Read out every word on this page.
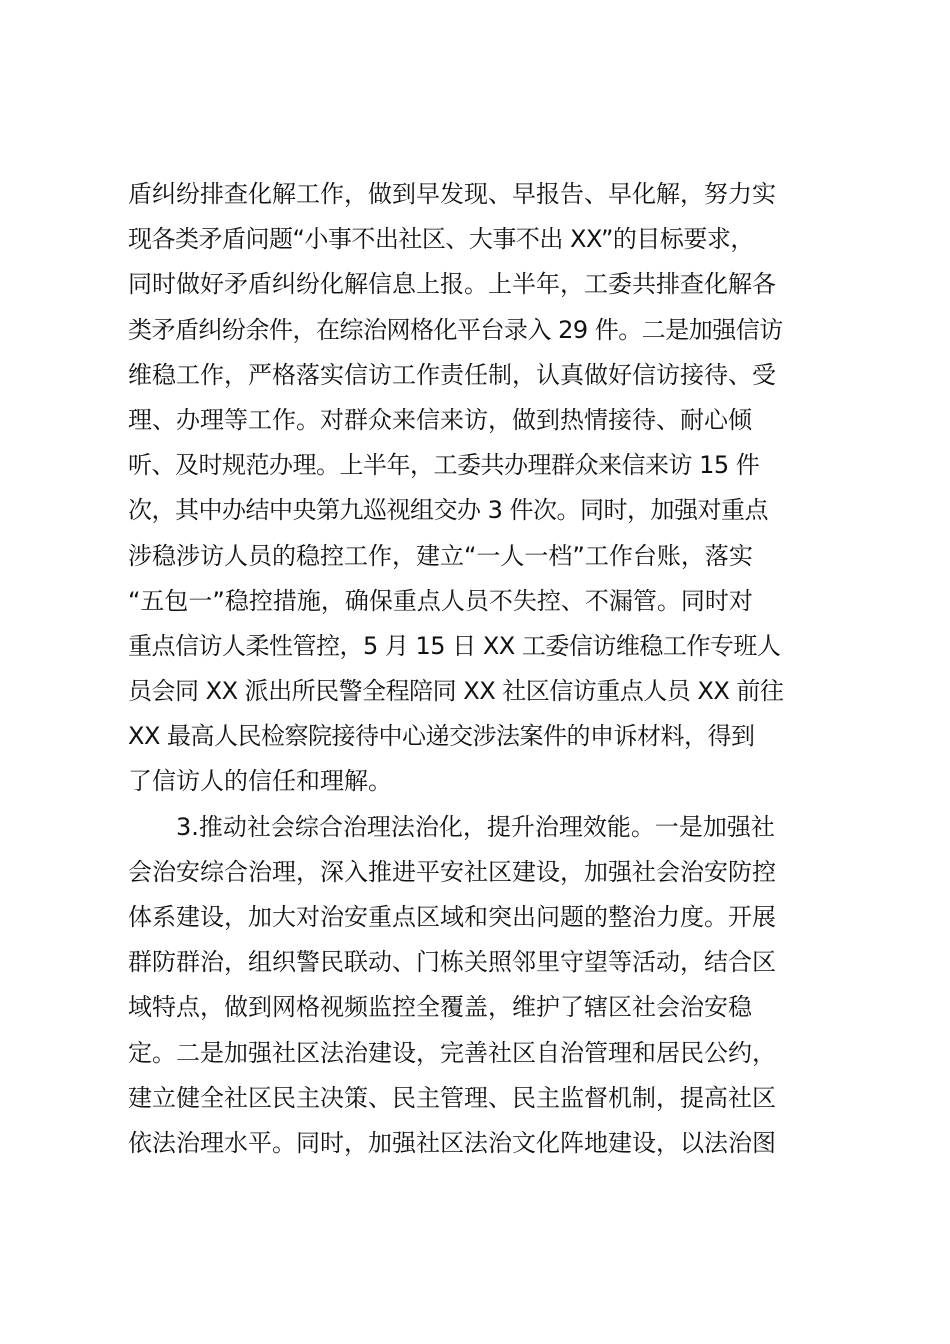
盾纠纷排查化解工作，做到早发现、早报告、早化解，努力实
现各类矛盾问题“小事不出社区、大事不出 XX”的目标要求，
同时做好矛盾纠纷化解信息上报。上半年，工委共排查化解各
类矛盾纠纷余件，在综治网格化平台录入 29 件。二是加强信访
维稳工作，严格落实信访工作责任制，认真做好信访接待、受
理、办理等工作。对群众来信来访，做到热情接待、耐心倾
听、及时规范办理。上半年，工委共办理群众来信来访 15 件
次，其中办结中央第九巡视组交办 3 件次。同时，加强对重点
涉稳涉访人员的稳控工作，建立“一人一档”工作台账，落实
“五包一”稳控措施，确保重点人员不失控、不漏管。同时对
重点信访人柔性管控，5 月 15 日 XX 工委信访维稳工作专班人
员会同 XX 派出所民警全程陪同 XX 社区信访重点人员 XX 前往
XX 最高人民检察院接待中心递交涉法案件的申诉材料，得到
了信访人的信任和理解。
3.推动社会综合治理法治化，提升治理效能。一是加强社
会治安综合治理，深入推进平安社区建设，加强社会治安防控
体系建设，加大对治安重点区域和突出问题的整治力度。开展
群防群治，组织警民联动、门栋关照邻里守望等活动，结合区
域特点，做到网格视频监控全覆盖，维护了辖区社会治安稳
定。二是加强社区法治建设，完善社区自治管理和居民公约，
建立健全社区民主决策、民主管理、民主监督机制，提高社区
依法治理水平。同时，加强社区法治文化阵地建设，以法治图
